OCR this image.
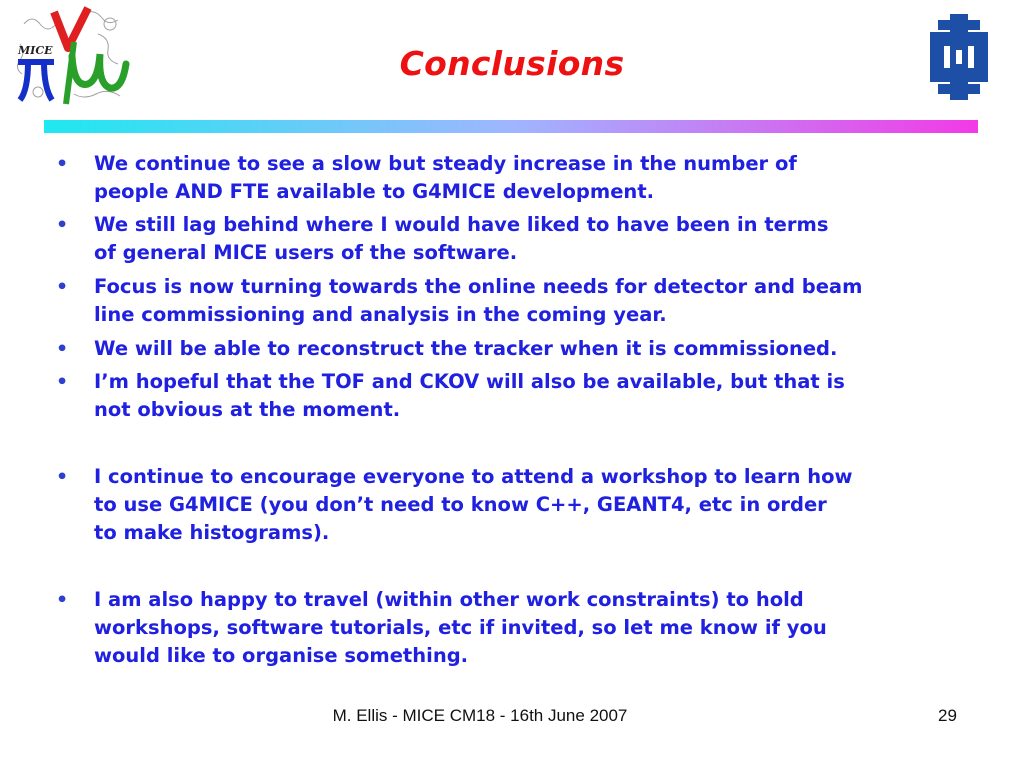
MICE	Conclusions
• We continue to see a slow but steady increase in the number of
people AND FTE available to G4MICE development.
• We still lag behind where I would have liked to have been in terms
of general MICE users of the software.
• Focus is now turning towards the online needs for detector and beam
line commissioning and analysis in the coming year.
• We will be able to reconstruct the tracker when it is commissioned.
• I’m hopeful that the TOF and CKOV will also be available, but that is
not obvious at the moment.
• I continue to encourage everyone to attend a workshop to learn how
to use G4MICE (you don’t need to know C++, GEANT4, etc in order
to make histograms).
• I am also happy to travel (within other work constraints) to hold
workshops, software tutorials, etc if invited, so let me know if you
would like to organise something.
M. Ellis - MICE CM18 - 16th June 2007	29
